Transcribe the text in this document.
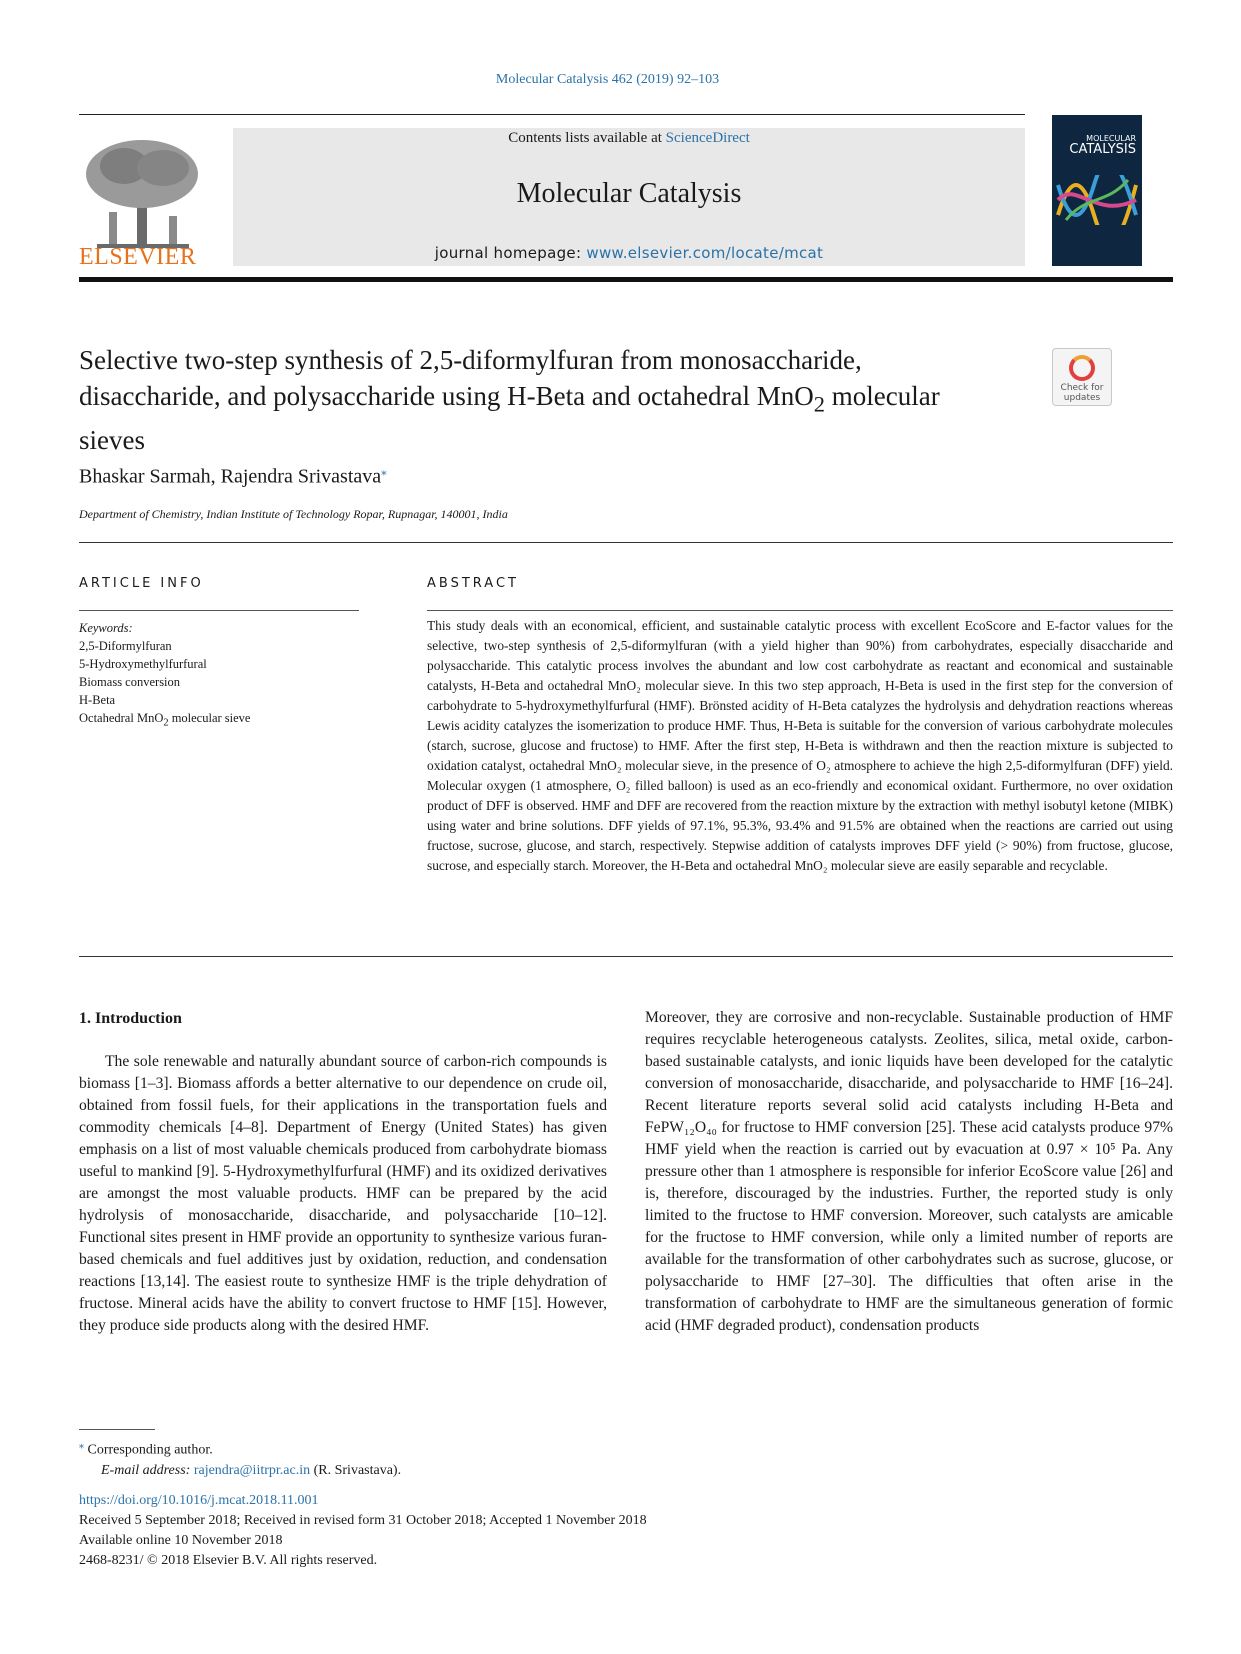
Molecular Catalysis 462 (2019) 92–103
ELSEVIER
Contents lists available at ScienceDirect
Molecular Catalysis
journal homepage: www.elsevier.com/locate/mcat
MOLECULAR
CATALYSIS
Selective two-step synthesis of 2,5-diformylfuran from monosaccharide, disaccharide, and polysaccharide using H-Beta and octahedral MnO$_2$ molecular sieves
Check for updates
Bhaskar Sarmah, Rajendra Srivastava⁎
Department of Chemistry, Indian Institute of Technology Ropar, Rupnagar, 140001, India
ARTICLE INFO	ABSTRACT
Keywords:
2,5-Diformylfuran
5-Hydroxymethylfurfural
Biomass conversion
H-Beta
Octahedral MnO$_2$ molecular sieve
This study deals with an economical, efficient, and sustainable catalytic process with excellent EcoScore and E-factor values for the selective, two-step synthesis of 2,5-diformylfuran (with a yield higher than 90%) from carbohydrates, especially disaccharide and polysaccharide. This catalytic process involves the abundant and low cost carbohydrate as reactant and economical and sustainable catalysts, H-Beta and octahedral MnO₂ molecular sieve. In this two step approach, H-Beta is used in the first step for the conversion of carbohydrate to 5-hydroxymethylfurfural (HMF). Brönsted acidity of H-Beta catalyzes the hydrolysis and dehydration reactions whereas Lewis acidity catalyzes the isomerization to produce HMF. Thus, H-Beta is suitable for the conversion of various carbohydrate molecules (starch, sucrose, glucose and fructose) to HMF. After the first step, H-Beta is withdrawn and then the reaction mixture is subjected to oxidation catalyst, octahedral MnO₂ molecular sieve, in the presence of O₂ atmosphere to achieve the high 2,5-diformylfuran (DFF) yield. Molecular oxygen (1 atmosphere, O₂ filled balloon) is used as an eco-friendly and economical oxidant. Furthermore, no over oxidation product of DFF is observed. HMF and DFF are recovered from the reaction mixture by the extraction with methyl isobutyl ketone (MIBK) using water and brine solutions. DFF yields of 97.1%, 95.3%, 93.4% and 91.5% are obtained when the reactions are carried out using fructose, sucrose, glucose, and starch, respectively. Stepwise addition of catalysts improves DFF yield (> 90%) from fructose, glucose, sucrose, and especially starch. Moreover, the H-Beta and octahedral MnO₂ molecular sieve are easily separable and recyclable.
1. Introduction

The sole renewable and naturally abundant source of carbon-rich compounds is biomass [1–3]. Biomass affords a better alternative to our dependence on crude oil, obtained from fossil fuels, for their applications in the transportation fuels and commodity chemicals [4–8]. Department of Energy (United States) has given emphasis on a list of most valuable chemicals produced from carbohydrate biomass useful to mankind [9]. 5-Hydroxymethylfurfural (HMF) and its oxidized derivatives are amongst the most valuable products. HMF can be prepared by the acid hydrolysis of monosaccharide, disaccharide, and polysaccharide [10–12]. Functional sites present in HMF provide an opportunity to synthesize various furan-based chemicals and fuel additives just by oxidation, reduction, and condensation reactions [13,14]. The easiest route to synthesize HMF is the triple dehydration of fructose. Mineral acids have the ability to convert fructose to HMF [15]. However, they produce side products along with the desired HMF.

Moreover, they are corrosive and non-recyclable. Sustainable production of HMF requires recyclable heterogeneous catalysts. Zeolites, silica, metal oxide, carbon-based sustainable catalysts, and ionic liquids have been developed for the catalytic conversion of monosaccharide, disaccharide, and polysaccharide to HMF [16–24]. Recent literature reports several solid acid catalysts including H-Beta and FePW₁₂O₄₀ for fructose to HMF conversion [25]. These acid catalysts produce 97% HMF yield when the reaction is carried out by evacuation at 0.97 × 10⁵ Pa. Any pressure other than 1 atmosphere is responsible for inferior EcoScore value [26] and is, therefore, discouraged by the industries. Further, the reported study is only limited to the fructose to HMF conversion. Moreover, such catalysts are amicable for the fructose to HMF conversion, while only a limited number of reports are available for the transformation of other carbohydrates such as sucrose, glucose, or polysaccharide to HMF [27–30]. The difficulties that often arise in the transformation of carbohydrate to HMF are the simultaneous generation of formic acid (HMF degraded product), condensation products
⁎ Corresponding author.
E-mail address: rajendra@iitrpr.ac.in (R. Srivastava).
https://doi.org/10.1016/j.mcat.2018.11.001
Received 5 September 2018; Received in revised form 31 October 2018; Accepted 1 November 2018
Available online 10 November 2018
2468-8231/ © 2018 Elsevier B.V. All rights reserved.
